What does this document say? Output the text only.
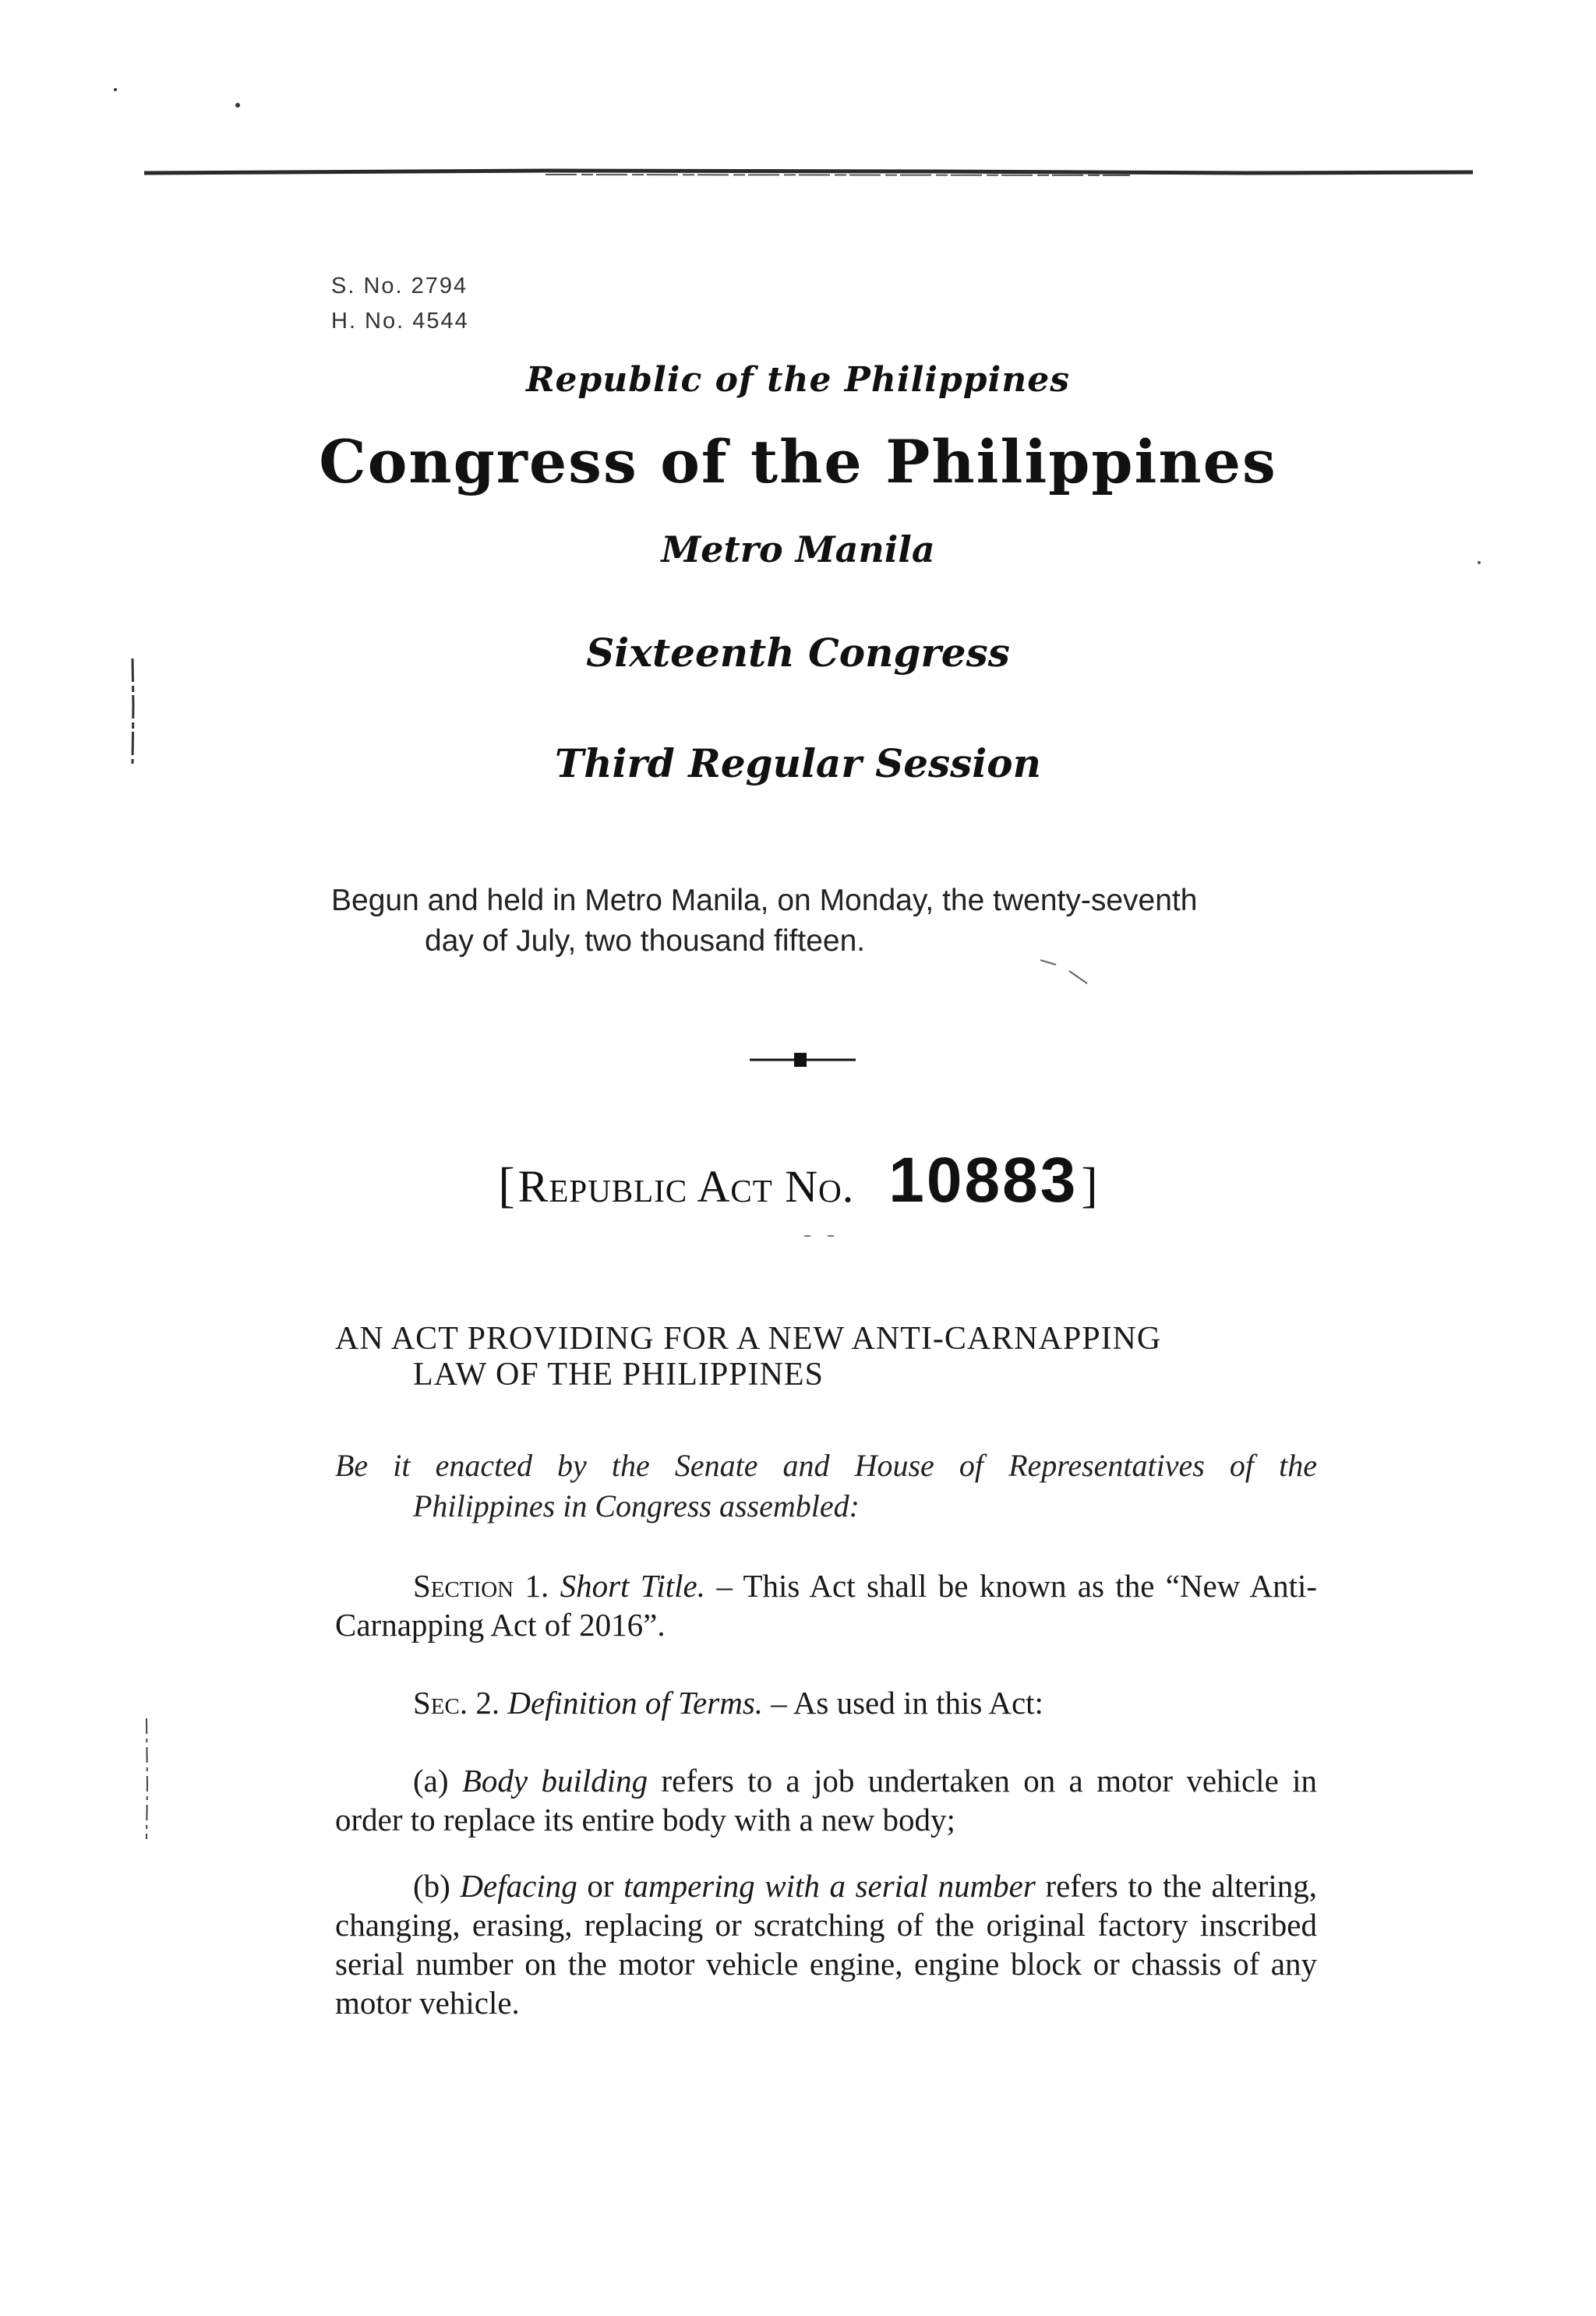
S. No. 2794
H. No. 4544
Republic of the Philippines
Congress of the Philippines
Metro Manila
Sixteenth Congress
Third Regular Session
Begun and held in Metro Manila, on Monday, the twenty-seventh
day of July, two thousand fifteen.
[ Republic Act No. 10883 ]
AN ACT PROVIDING FOR A NEW ANTI-CARNAPPING
LAW OF THE PHILIPPINES
Be it enacted by the Senate and House of Representatives of the
Philippines in Congress assembled:

Section 1. Short Title. – This Act shall be known as the “New Anti-Carnapping Act of 2016”.

Sec. 2. Definition of Terms. – As used in this Act:

(a) Body building refers to a job undertaken on a motor vehicle in order to replace its entire body with a new body;

(b) Defacing or tampering with a serial number refers to the altering, changing, erasing, replacing or scratching of the original factory inscribed serial number on the motor vehicle engine, engine block or chassis of any motor vehicle.
